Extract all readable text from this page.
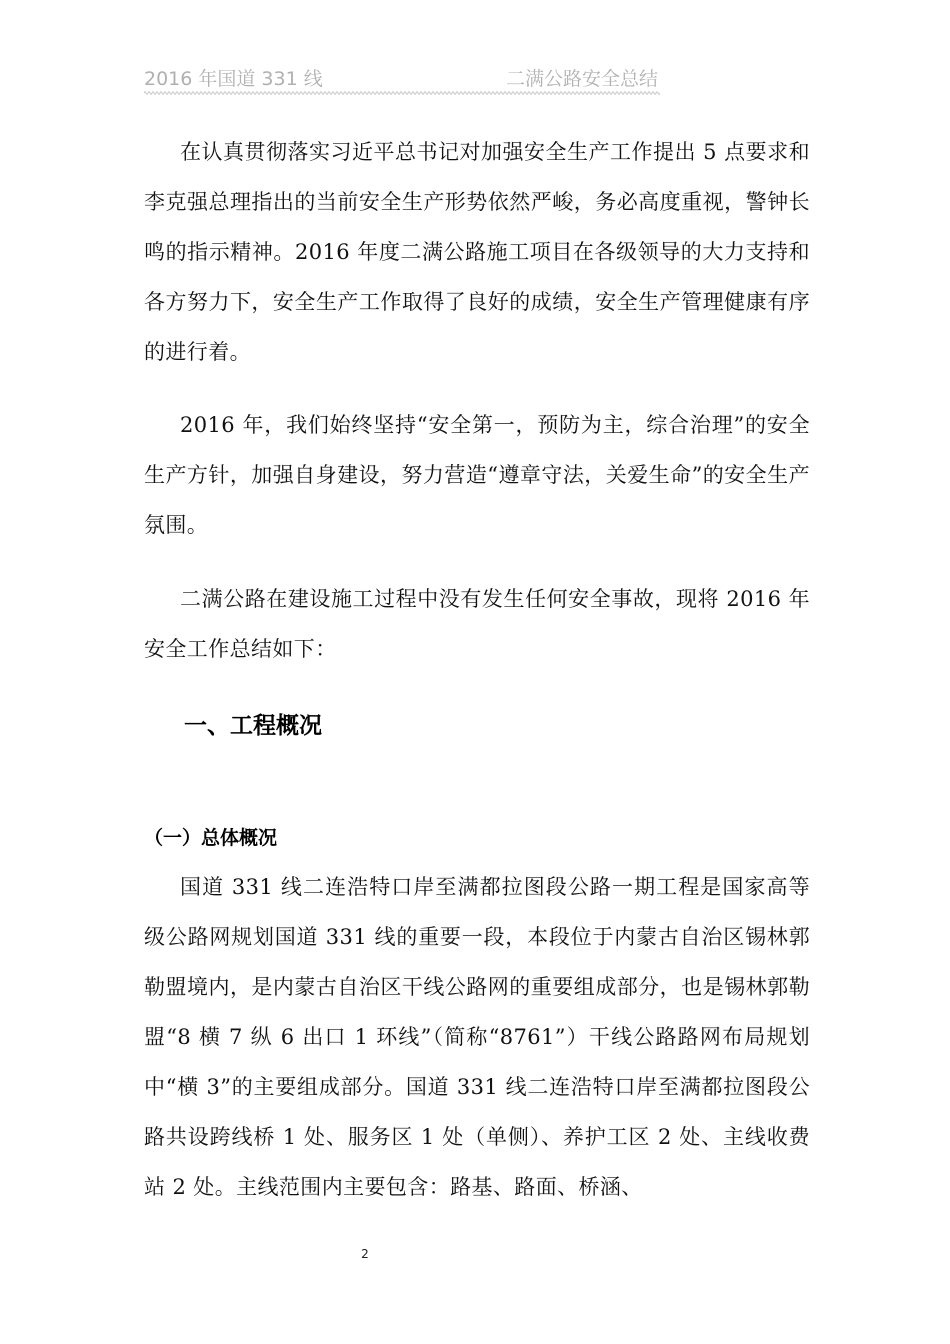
2016 年国道 331 线	二满公路安全总结

在认真贯彻落实习近平总书记对加强安全生产工作提出 5 点要求和李克强总理指出的当前安全生产形势依然严峻，务必高度重视，警钟长鸣的指示精神。2016 年度二满公路施工项目在各级领导的大力支持和各方努力下，安全生产工作取得了良好的成绩，安全生产管理健康有序的进行着。

2016 年，我们始终坚持“安全第一，预防为主，综合治理”的安全生产方针，加强自身建设，努力营造“遵章守法，关爱生命”的安全生产氛围。

二满公路在建设施工过程中没有发生任何安全事故，现将 2016 年安全工作总结如下：

一、工程概况
（一）总体概况

国道 331 线二连浩特口岸至满都拉图段公路一期工程是国家高等级公路网规划国道 331 线的重要一段，本段位于内蒙古自治区锡林郭勒盟境内，是内蒙古自治区干线公路网的重要组成部分，也是锡林郭勒盟“8 横 7 纵 6 出口 1 环线”（简称“8761”）干线公路路网布局规划中“横 3”的主要组成部分。国道 331 线二连浩特口岸至满都拉图段公路共设跨线桥 1 处、服务区 1 处（单侧）、养护工区 2 处、主线收费站 2 处。主线范围内主要包含：路基、路面、桥涵、

2
